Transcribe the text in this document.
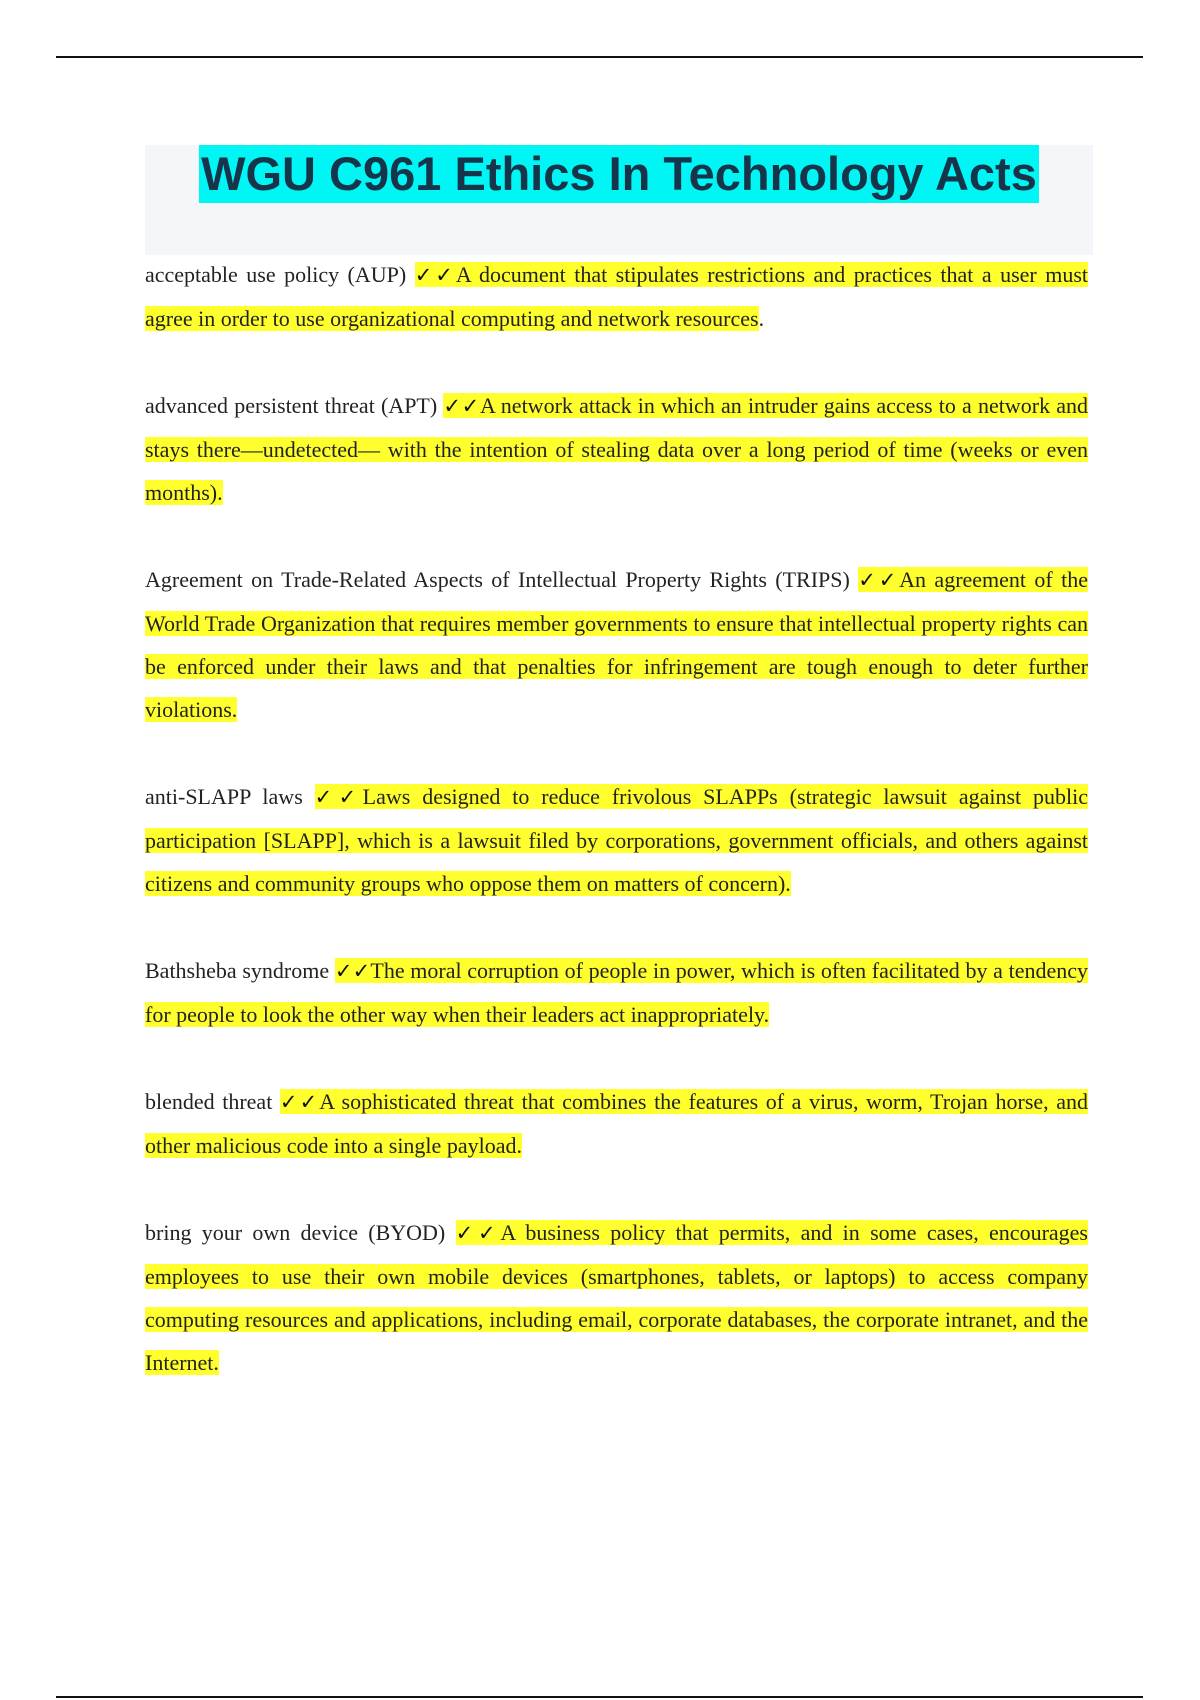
WGU C961 Ethics In Technology Acts

acceptable use policy (AUP) ✓✓A document that stipulates restrictions and practices that a user must agree in order to use organizational computing and network resources.

advanced persistent threat (APT) ✓✓A network attack in which an intruder gains access to a network and stays there—undetected— with the intention of stealing data over a long period of time (weeks or even months).

Agreement on Trade-Related Aspects of Intellectual Property Rights (TRIPS) ✓✓An agreement of the World Trade Organization that requires member governments to ensure that intellectual property rights can be enforced under their laws and that penalties for infringement are tough enough to deter further violations.

anti-SLAPP laws ✓✓Laws designed to reduce frivolous SLAPPs (strategic lawsuit against public participation [SLAPP], which is a lawsuit filed by corporations, government officials, and others against citizens and community groups who oppose them on matters of concern).

Bathsheba syndrome ✓✓The moral corruption of people in power, which is often facilitated by a tendency for people to look the other way when their leaders act inappropriately.

blended threat ✓✓A sophisticated threat that combines the features of a virus, worm, Trojan horse, and other malicious code into a single payload.

bring your own device (BYOD) ✓✓A business policy that permits, and in some cases, encourages employees to use their own mobile devices (smartphones, tablets, or laptops) to access company computing resources and applications, including email, corporate databases, the corporate intranet, and the Internet.
